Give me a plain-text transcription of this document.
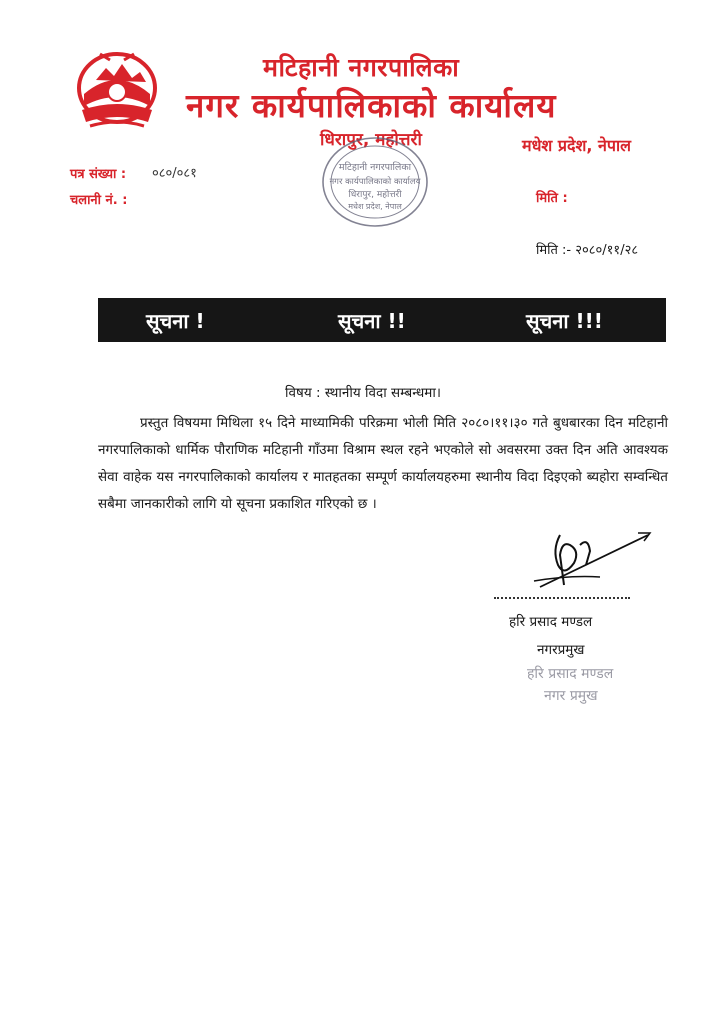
मटिहानी नगरपालिका
नगर कार्यपालिकाको कार्यालय
धिरापुर, महोत्तरी	मधेश प्रदेश, नेपाल
मटिहानी नगरपालिका
नगर कार्यपालिकाको कार्यालय
धिरापुर, महोत्तरी
मधेश प्रदेश, नेपाल
पत्र संख्या : ०८०/०८१
चलानी नं. :	मिति :
मिति :- २०८०/११/२८
सूचना !	सूचना !!	सूचना !!!
विषय : स्थानीय विदा सम्बन्धमा।
प्रस्तुत विषयमा मिथिला १५ दिने माध्यामिकी परिक्रमा भोली मिति २०८०।११।३० गते बुधबारका दिन मटिहानी नगरपालिकाको धार्मिक पौराणिक मटिहानी गाँउमा विश्राम स्थल रहने भएकोले सो अवसरमा उक्त दिन अति आवश्यक सेवा वाहेक यस नगरपालिकाको कार्यालय र मातहतका सम्पूर्ण कार्यालयहरुमा स्थानीय विदा दिइएको ब्यहोरा सम्वन्धित सबैमा जानकारीको लागि यो सूचना प्रकाशित गरिएको छ ।
हरि प्रसाद मण्डल
नगरप्रमुख
हरि प्रसाद मण्डल
नगर प्रमुख
